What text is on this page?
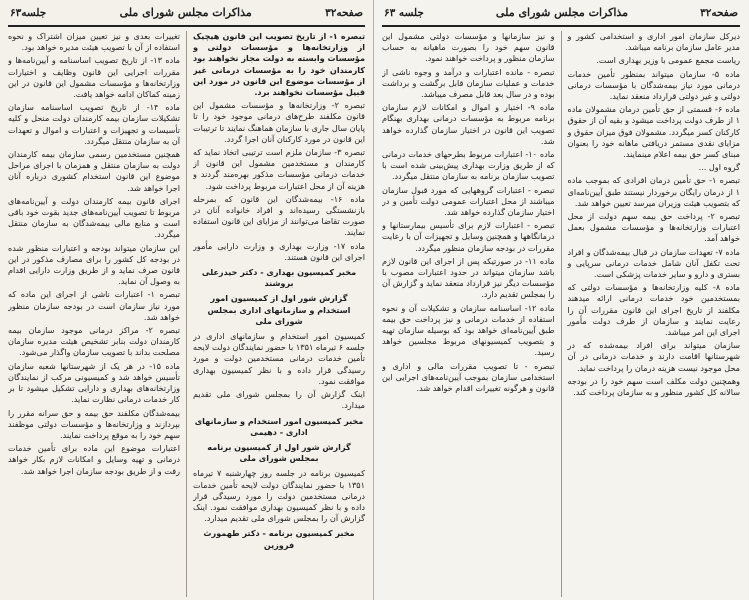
صفحه۳۲
مذاکرات مجلس شورای ملی
جلسه۶۳

تبصره ۱- از تاریخ تصویب این قانون هیچیک از وزارتخانه‌ها و مؤسسات دولتی و مؤسسات وابسته به دولت مجاز نخواهند بود کارمندان خود را به مؤسسات درمانی غیر از مؤسسات موضوع این قانون در مورد این قبیل مؤسسات نخواهند برد.

تبصره ۲- وزارتخانه‌ها و مؤسسات مشمول این قانون مکلفند طرح‌های درمانی موجود خود را تا پایان سال جاری با سازمان هماهنگ نمایند تا ترتیبات این قانون در مورد کارکنان آنان اجرا گردد.

تبصره ۳- سازمان ملزم است ترتیبی اتخاذ نماید که کارمندان و مستخدمین مشمول این قانون از خدمات درمانی مؤسسات مذکور بهره‌مند گردند و هزینه آن از محل اعتبارات مربوط پرداخت شود.

ماده ۱۶- بیمه‌شدگان این قانون که بمرحله بازنشستگی رسیده‌اند و افراد خانواده آنان در صورت تقاضا می‌توانند از مزایای این قانون استفاده نمایند.

ماده ۱۷- وزارت بهداری و وزارت دارایی مأمور اجرای این قانون هستند.

مخبر کمیسیون بهداری - دکتر حیدرعلی بروشند

گزارش شور اول از کمیسیون امور استخدام و سازمانهای اداری بمجلس شورای ملی

کمیسیون امور استخدام و سازمانهای اداری در جلسه ۶ تیرماه ۱۳۵۱ با حضور نمایندگان دولت لایحه تأمین خدمات درمانی مستخدمین دولت و مورد رسیدگی قرار داده و با نظر کمیسیون بهداری موافقت نمود.

اینک گزارش آن را بمجلس شورای ملی تقدیم میدارد.

مخبر کمیسیون امور استخدام و سازمانهای اداری - دهیمی

گزارش شور اول از کمیسیون برنامه بمجلس شورای ملی

کمیسیون برنامه در جلسه روز چهارشنبه ۷ تیرماه ۱۳۵۱ با حضور نمایندگان دولت لایحه تأمین خدمات درمانی مستخدمین دولت را مورد رسیدگی قرار داده و با نظر کمیسیون بهداری موافقت نمود. اینک گزارش آن را بمجلس شورای ملی تقدیم میدارد.

مخبر کمیسیون برنامه - دکتر طهمورث فروزین

تغییرات بعدی و نیز تعیین میزان اشتراک و نحوه استفاده از آن با تصویب هیئت مدیره خواهد بود.

ماده ۱۳- از تاریخ تصویب اساسنامه و آیین‌نامه‌ها و مقررات اجرایی این قانون وظایف و اختیارات وزارتخانه‌ها و مؤسسات مشمول این قانون در این زمینه کماکان ادامه خواهد یافت.

ماده ۱۴- از تاریخ تصویب اساسنامه سازمان تشکیلات سازمان بیمه کارمندان دولت منحل و کلیه تأسیسات و تجهیزات و اعتبارات و اموال و تعهدات آن به سازمان منتقل میگردد.

همچنین مستخدمین رسمی سازمان بیمه کارمندان دولت به سازمان منتقل و همزمان با اجرای مراحل موضوع این قانون استخدام کشوری درباره آنان اجرا خواهد شد.

اجرای قانون بیمه کارمندان دولت و آیین‌نامه‌های مربوط تا تصویب آیین‌نامه‌های جدید بقوت خود باقی است و منابع مالی بیمه‌شدگان به سازمان منتقل میگردد.

این سازمان میتواند بودجه و اعتبارات منظور شده در بودجه کل کشور را برای مصارف مذکور در این قانون صرف نماید و از طریق وزارت دارایی اقدام به وصول آن نماید.

تبصره ۱- اعتبارات ناشی از اجرای این ماده که مورد نیاز سازمان است در بودجه سازمان منظور خواهد شد.

تبصره ۲- مراکز درمانی موجود سازمان بیمه کارمندان دولت بنابر تشخیص هیئت مدیره سازمان مصلحت بداند با تصویب سازمان واگذار می‌شود.

ماده ۱۵- در هر یک از شهرستانها شعبه سازمان تأسیس خواهد شد و کمیسیونی مرکب از نمایندگان وزارتخانه‌های بهداری و دارایی تشکیل میشود تا بر کار خدمات درمانی نظارت نماید.

بیمه‌شدگان مکلفند حق بیمه و حق سرانه مقرر را بپردازند و وزارتخانه‌ها و مؤسسات دولتی موظفند سهم خود را به موقع پرداخت نمایند.

اعتبارات موضوع این ماده برای تأمین خدمات درمانی و تهیه وسایل و امکانات لازم بکار خواهد رفت و از طریق بودجه سازمان اجرا خواهد شد.

صفحه۳۲
مذاکرات مجلس شورای ملی
جلسه ۶۳

دیرکل سازمان امور اداری و استخدامی کشور و مدیر عامل سازمان برنامه میباشد.

ریاست مجمع عمومی با وزیر بهداری است.

ماده ۵- سازمان میتواند بمنظور تأمین خدمات درمانی مورد نیاز بیمه‌شدگان با مؤسسات درمانی دولتی و غیر دولتی قرارداد منعقد نماید.

ماده ۶- قسمتی از حق تأمین درمان مشمولان ماده ۱ از طرف دولت پرداخت میشود و بقیه آن از حقوق کارکنان کسر میگردد. مشمولان فوق میزان حقوق و مزایای نقدی مستمر دریافتی ماهانه خود را بعنوان مبنای کسر حق بیمه اعلام مینمایند.

گروه اول ...

تبصره ۱- حق تأمین درمان افرادی که بموجب ماده ۱ از درمان رایگان برخوردار نیستند طبق آیین‌نامه‌ای که بتصویب هیئت وزیران میرسد تعیین خواهد شد.

تبصره ۲- پرداخت حق بیمه سهم دولت از محل اعتبارات وزارتخانه‌ها و مؤسسات مشمول بعمل خواهد آمد.

ماده ۷- تعهدات سازمان در قبال بیمه‌شدگان و افراد تحت تکفل آنان شامل خدمات درمانی سرپایی و بستری و دارو و سایر خدمات پزشکی است.

ماده ۸- کلیه وزارتخانه‌ها و مؤسسات دولتی که بمستخدمین خود خدمات درمانی ارائه میدهند مکلفند از تاریخ اجرای این قانون مقررات آن را رعایت نمایند و سازمان از طرف دولت مأمور اجرای این امر میباشد.

سازمان میتواند برای افراد بیمه‌شده که در شهرستانها اقامت دارند و خدمات درمانی در آن محل موجود نیست هزینه درمان را پرداخت نماید.

وهمچنین دولت مکلف است سهم خود را در بودجه سالانه کل کشور منظور و به سازمان پرداخت کند.

و نیز سازمانها و مؤسسات دولتی مشمول این قانون سهم خود را بصورت ماهیانه به حساب سازمان منظور و پرداخت خواهند نمود.

تبصره - مانده اعتبارات و درآمد و وجوه ناشی از خدمات و عملیات سازمان قابل برگشت و برداشت بوده و در سال بعد قابل مصرف میباشد.

ماده ۹- اختیار و اموال و امکانات لازم سازمان برنامه مربوط به مؤسسات درمانی بهداری بهنگام تصویب این قانون در اختیار سازمان گذارده خواهد شد.

ماده ۱۰- اعتبارات مربوط بطرحهای خدمات درمانی که از طریق وزارت بهداری پیش‌بینی شده است با تصویب سازمان برنامه به سازمان منتقل میگردد.

تبصره - اعتبارات گروههایی که مورد قبول سازمان میباشند از محل اعتبارات عمومی دولت تأمین و در اختیار سازمان گذارده خواهد شد.

تبصره - اعتبارات لازم برای تأسیس بیمارستانها و درمانگاهها و همچنین وسایل و تجهیزات آن با رعایت مقررات در بودجه سازمان منظور میگردد.

ماده ۱۱- در صورتیکه پس از اجرای این قانون لازم باشد سازمان میتواند در حدود اعتبارات مصوب با مؤسسات دیگر نیز قرارداد منعقد نماید و گزارش آن را بمجلس تقدیم دارد.

ماده ۱۲- اساسنامه سازمان و تشکیلات آن و نحوه استفاده از خدمات درمانی و نیز پرداخت حق بیمه طبق آیین‌نامه‌ای خواهد بود که بوسیله سازمان تهیه و بتصویب کمیسیونهای مربوط مجلسین خواهد رسید.

تبصره - تا تصویب مقررات مالی و اداری و استخدامی سازمان بموجب آیین‌نامه‌های اجرایی این قانون و هرگونه تغییرات اقدام خواهد شد.
